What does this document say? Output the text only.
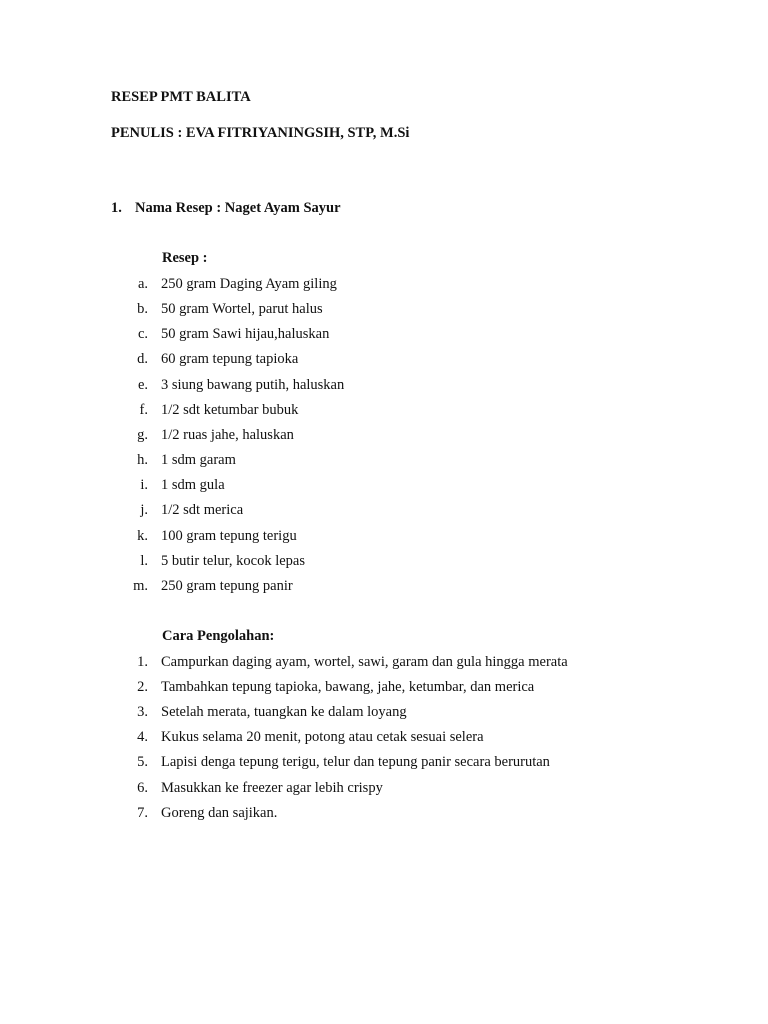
RESEP PMT BALITA
PENULIS : EVA FITRIYANINGSIH, STP, M.Si
1. Nama Resep : Naget Ayam Sayur
Resep :
a. 250 gram Daging Ayam giling
b. 50 gram Wortel, parut halus
c. 50 gram Sawi hijau,haluskan
d. 60 gram tepung tapioka
e. 3 siung bawang putih, haluskan
f. 1/2 sdt ketumbar bubuk
g. 1/2 ruas jahe, haluskan
h. 1 sdm garam
i. 1 sdm gula
j. 1/2 sdt merica
k. 100 gram tepung terigu
l. 5 butir telur, kocok lepas
m. 250 gram tepung panir
Cara Pengolahan:
1. Campurkan daging ayam, wortel, sawi, garam dan gula hingga merata
2. Tambahkan tepung tapioka, bawang, jahe, ketumbar, dan merica
3. Setelah merata, tuangkan ke dalam loyang
4. Kukus selama 20 menit, potong atau cetak sesuai selera
5. Lapisi denga tepung terigu, telur dan tepung panir secara berurutan
6. Masukkan ke freezer agar lebih crispy
7. Goreng dan sajikan.
